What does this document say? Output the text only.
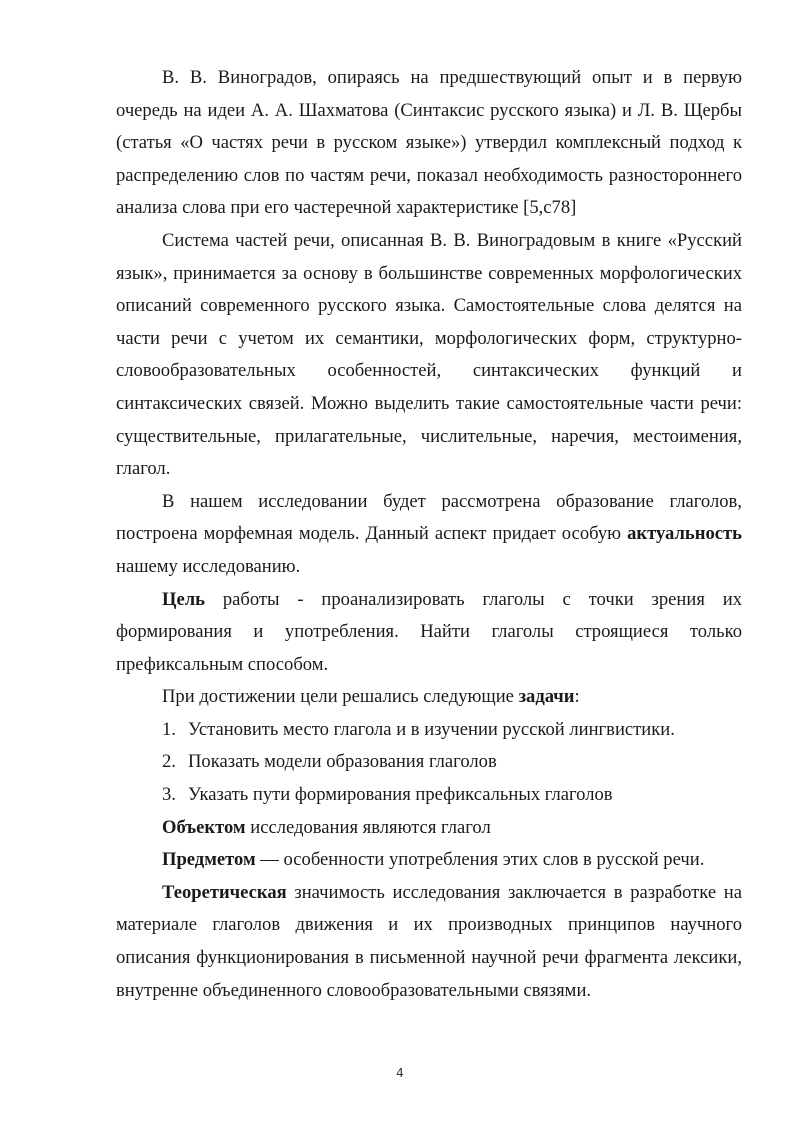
В. В. Виноградов, опираясь на предшествующий опыт и в первую очередь на идеи А. А. Шахматова (Синтаксис русского языка) и Л. В. Щербы (статья «О частях речи в русском языке») утвердил комплексный подход к распределению слов по частям речи, показал необходимость разностороннего анализа слова при его частеречной характеристике [5,с78]

Система частей речи, описанная В. В. Виноградовым в книге «Русский язык», принимается за основу в большинстве современных морфологических описаний современного русского языка. Самостоятельные слова делятся на части речи с учетом их семантики, морфологических форм, структурно-словообразовательных особенностей, синтаксических функций и синтаксических связей. Можно выделить такие самостоятельные части речи: существительные, прилагательные, числительные, наречия, местоимения, глагол.

В нашем исследовании будет рассмотрена образование глаголов, построена морфемная модель. Данный аспект придает особую актуальность нашему исследованию.

Цель работы - проанализировать глаголы с точки зрения их формирования и употребления. Найти глаголы строящиеся только префиксальным способом.

При достижении цели решались следующие задачи:

1. Установить место глагола и в изучении русской лингвистики.
2. Показать модели образования глаголов
3. Указать пути формирования префиксальных глаголов

Объектом исследования являются глагол

Предметом — особенности употребления этих слов в русской речи.

Теоретическая значимость исследования заключается в разработке на материале глаголов движения и их производных принципов научного описания функционирования в письменной научной речи фрагмента лексики, внутренне объединенного словообразовательными связями.

4
